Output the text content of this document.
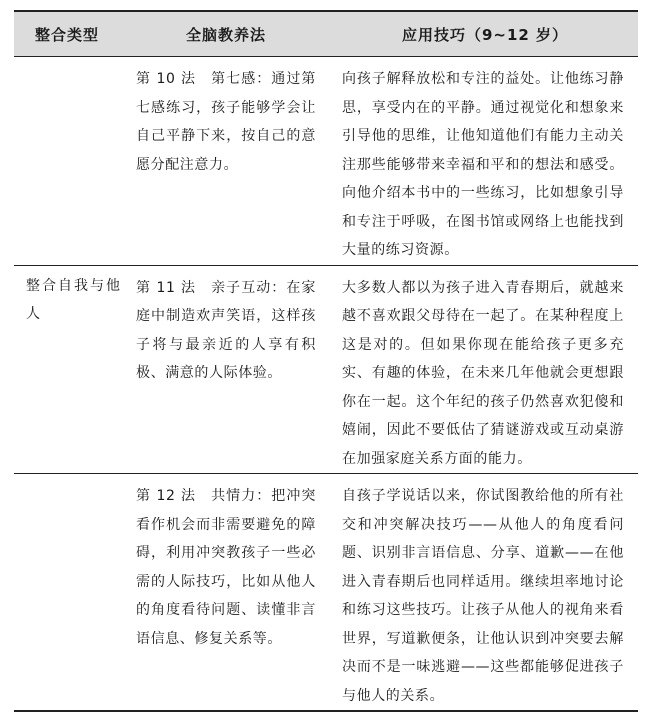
整合类型	全脑教养法	应用技巧（9~12 岁）

	第 10 法　第七感：通过第七感练习，孩子能够学会让自己平静下来，按自己的意愿分配注意力。	向孩子解释放松和专注的益处。让他练习静思，享受内在的平静。通过视觉化和想象来引导他的思维，让他知道他们有能力主动关注那些能够带来幸福和平和的想法和感受。向他介绍本书中的一些练习，比如想象引导和专注于呼吸，在图书馆或网络上也能找到大量的练习资源。

整合自我与他人	第 11 法　亲子互动：在家庭中制造欢声笑语，这样孩子将与最亲近的人享有积极、满意的人际体验。	大多数人都以为孩子进入青春期后，就越来越不喜欢跟父母待在一起了。在某种程度上这是对的。但如果你现在能给孩子更多充实、有趣的体验，在未来几年他就会更想跟你在一起。这个年纪的孩子仍然喜欢犯傻和嬉闹，因此不要低估了猜谜游戏或互动桌游在加强家庭关系方面的能力。

	第 12 法　共情力：把冲突看作机会而非需要避免的障碍，利用冲突教孩子一些必需的人际技巧，比如从他人的角度看待问题、读懂非言语信息、修复关系等。	自孩子学说话以来，你试图教给他的所有社交和冲突解决技巧——从他人的角度看问题、识别非言语信息、分享、道歉——在他进入青春期后也同样适用。继续坦率地讨论和练习这些技巧。让孩子从他人的视角来看世界，写道歉便条，让他认识到冲突要去解决而不是一味逃避——这些都能够促进孩子与他人的关系。
